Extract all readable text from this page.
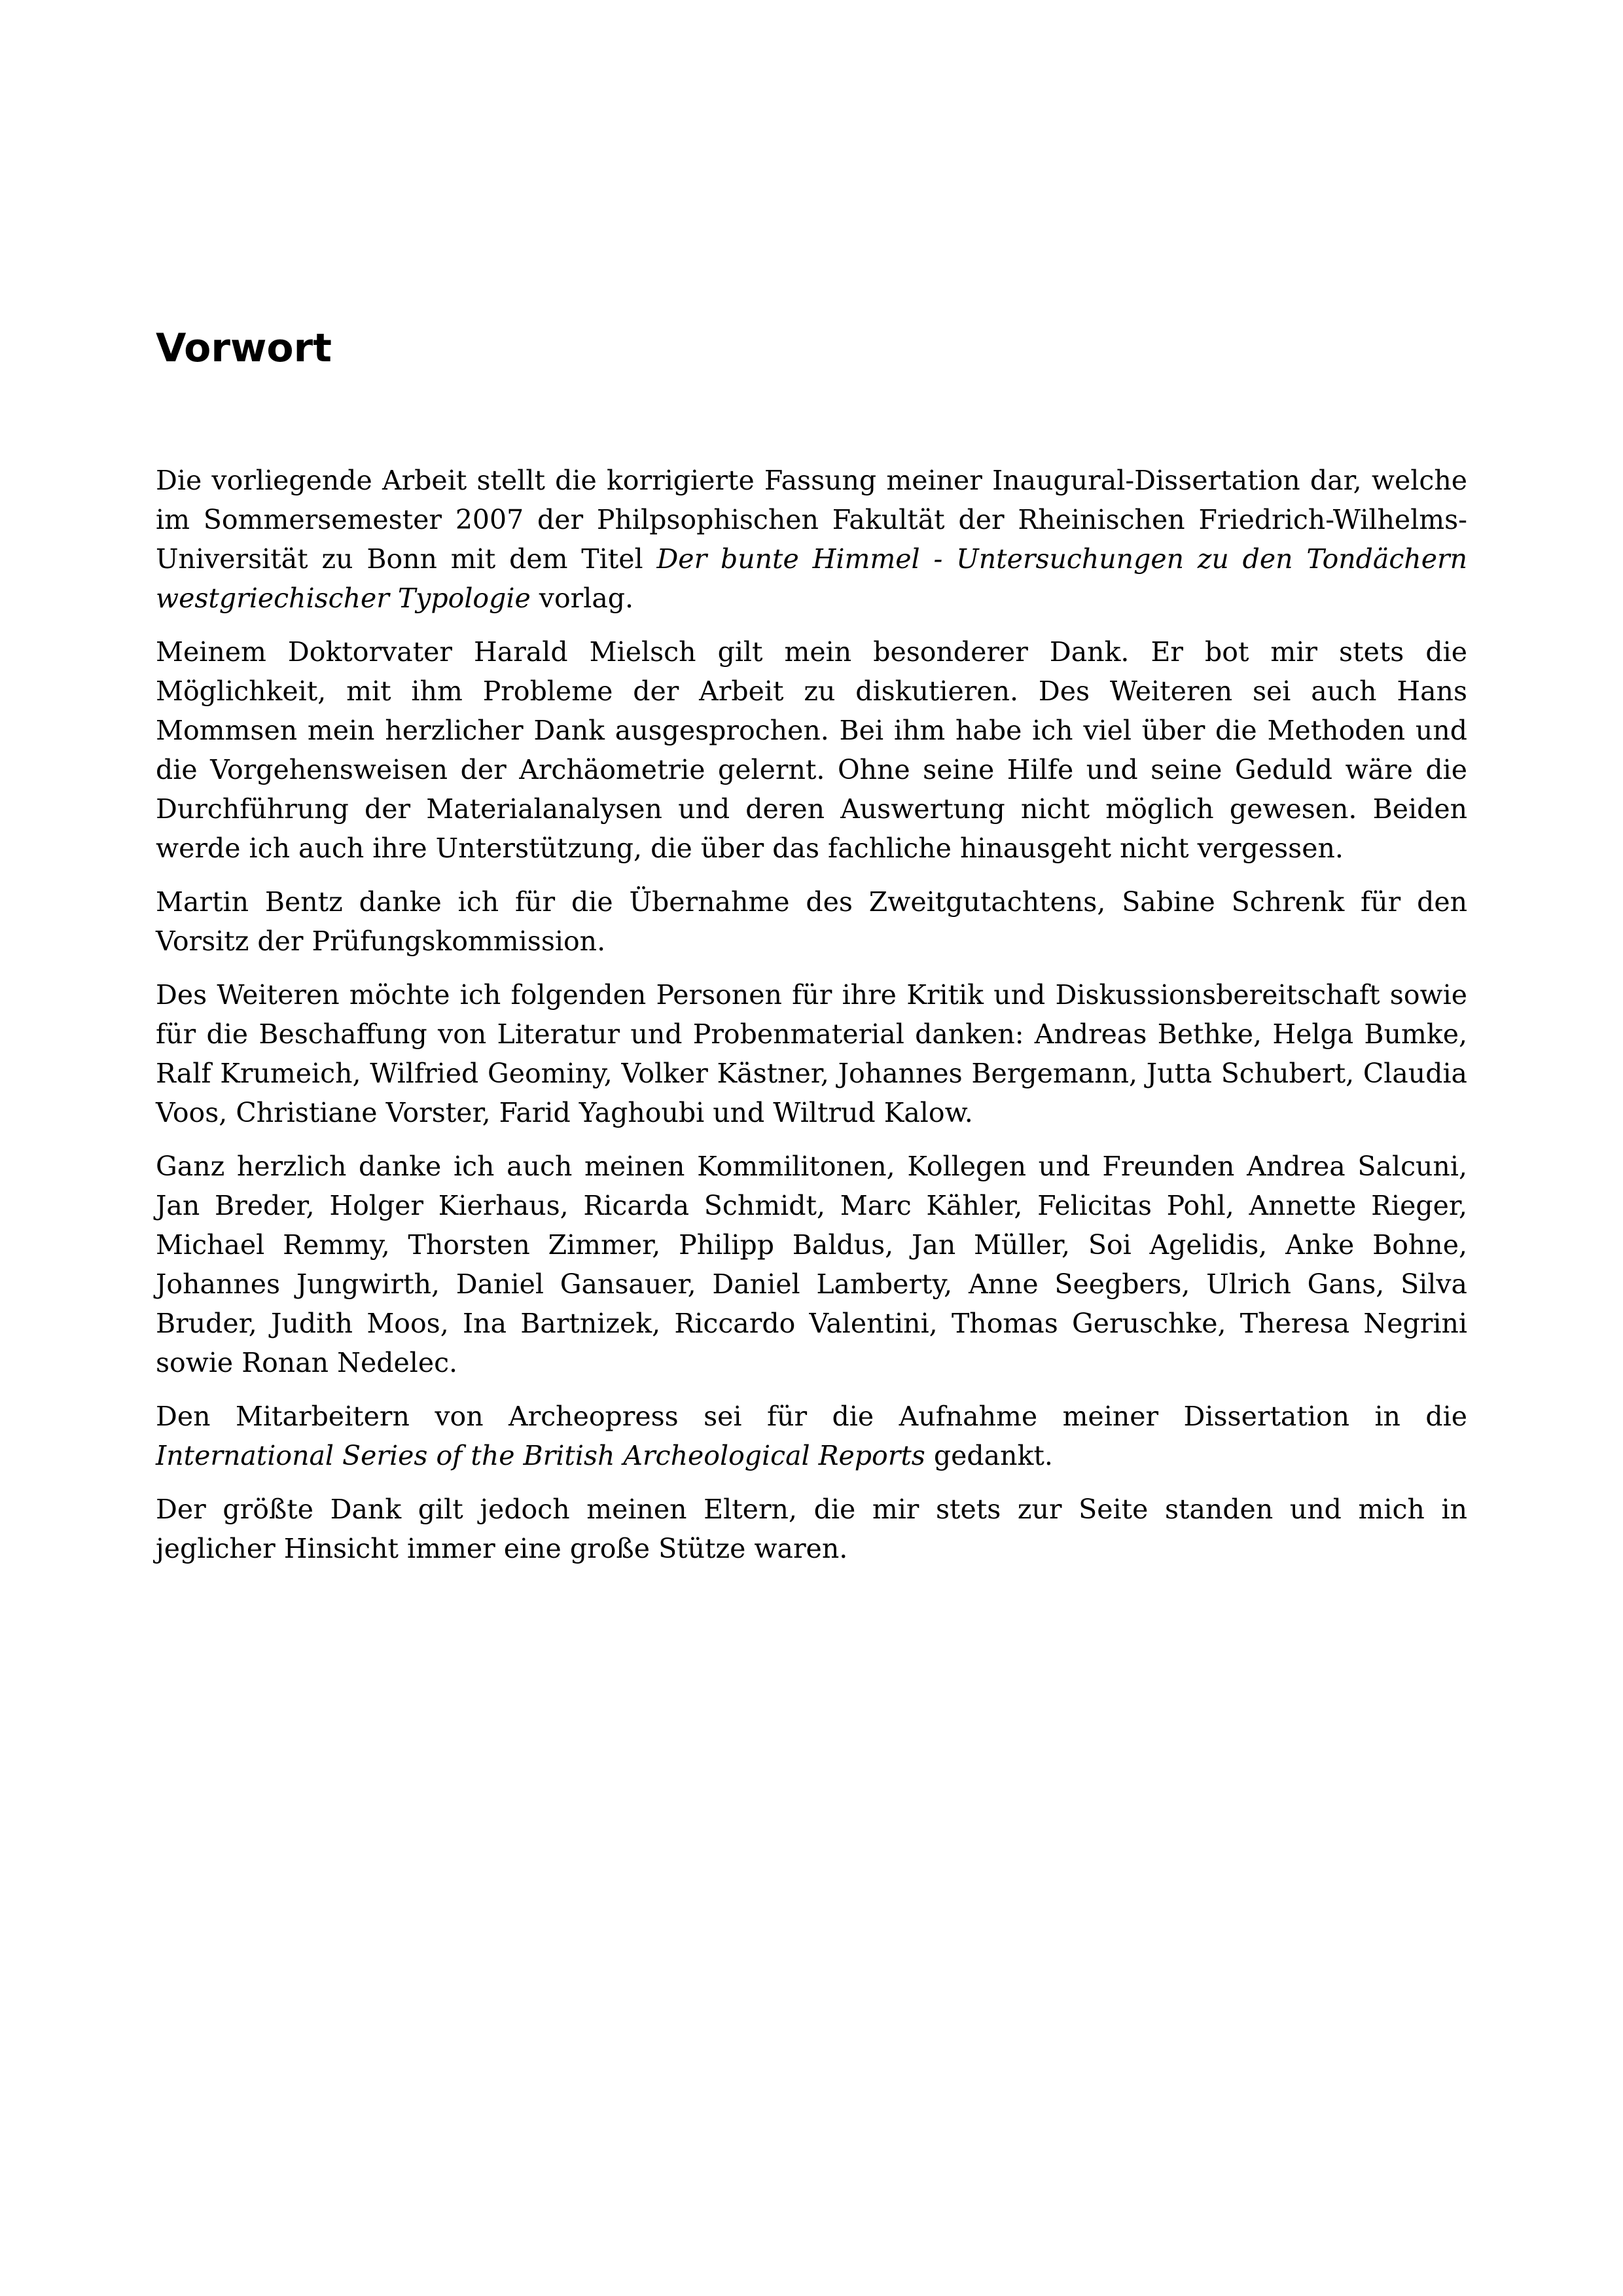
Vorwort

Die vorliegende Arbeit stellt die korrigierte Fassung meiner Inaugural-Dissertation dar, welche im Sommersemester 2007 der Philpsophischen Fakultät der Rheinischen Friedrich-Wilhelms-Universität zu Bonn mit dem Titel Der bunte Himmel - Untersuchungen zu den Tondächern westgriechischer Typologie vorlag.

Meinem Doktorvater Harald Mielsch gilt mein besonderer Dank. Er bot mir stets die Möglichkeit, mit ihm Probleme der Arbeit zu diskutieren. Des Weiteren sei auch Hans Mommsen mein herzlicher Dank ausgesprochen. Bei ihm habe ich viel über die Methoden und die Vorgehensweisen der Archäometrie gelernt. Ohne seine Hilfe und seine Geduld wäre die Durchführung der Materialanalysen und deren Auswertung nicht möglich gewesen. Beiden werde ich auch ihre Unterstützung, die über das fachliche hinausgeht nicht vergessen.

Martin Bentz danke ich für die Übernahme des Zweitgutachtens, Sabine Schrenk für den Vorsitz der Prüfungskommission.

Des Weiteren möchte ich folgenden Personen für ihre Kritik und Diskussionsbereitschaft sowie für die Beschaffung von Literatur und Probenmaterial danken: Andreas Bethke, Helga Bumke, Ralf Krumeich, Wilfried Geominy, Volker Kästner, Johannes Bergemann, Jutta Schubert, Claudia Voos, Christiane Vorster, Farid Yaghoubi und Wiltrud Kalow.

Ganz herzlich danke ich auch meinen Kommilitonen, Kollegen und Freunden Andrea Salcuni, Jan Breder, Holger Kierhaus, Ricarda Schmidt, Marc Kähler, Felicitas Pohl, Annette Rieger, Michael Remmy, Thorsten Zimmer, Philipp Baldus, Jan Müller, Soi Agelidis, Anke Bohne, Johannes Jungwirth, Daniel Gansauer, Daniel Lamberty, Anne Seegbers, Ulrich Gans, Silva Bruder, Judith Moos, Ina Bartnizek, Riccardo Valentini, Thomas Geruschke, Theresa Negrini sowie Ronan Nedelec.

Den Mitarbeitern von Archeopress sei für die Aufnahme meiner Dissertation in die International Series of the British Archeological Reports gedankt.

Der größte Dank gilt jedoch meinen Eltern, die mir stets zur Seite standen und mich in jeglicher Hinsicht immer eine große Stütze waren.
